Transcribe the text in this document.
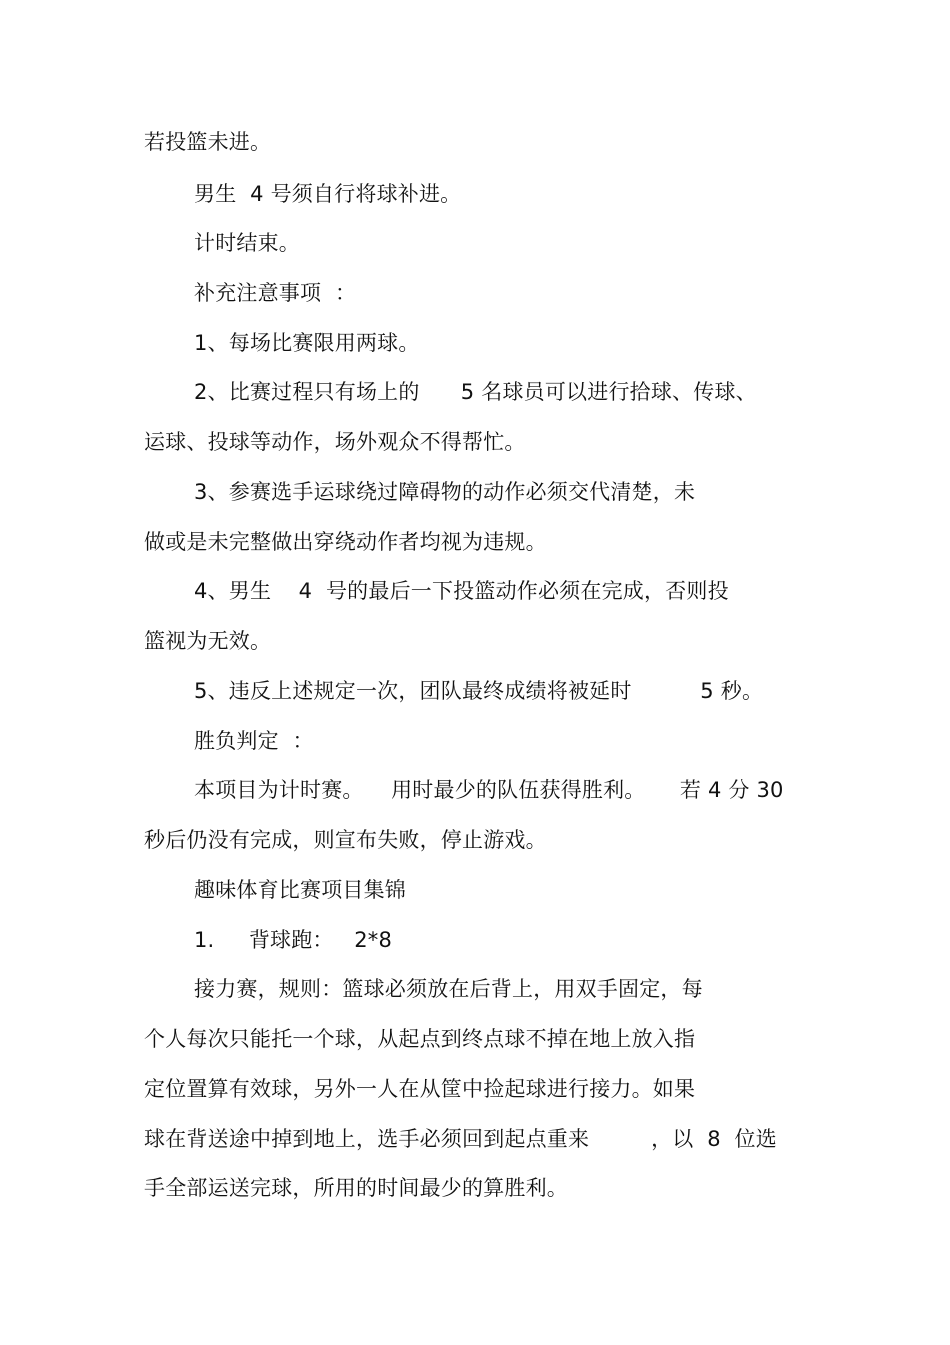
若投篮未进。
男生  4 号须自行将球补进。
计时结束。
补充注意事项  ：
1、每场比赛限用两球。
2、比赛过程只有场上的      5 名球员可以进行拾球、传球、
运球、投球等动作，场外观众不得帮忙。
3、参赛选手运球绕过障碍物的动作必须交代清楚，未
做或是未完整做出穿绕动作者均视为违规。
4、男生    4  号的最后一下投篮动作必须在完成，否则投
篮视为无效。
5、违反上述规定一次，团队最终成绩将被延时          5 秒。
胜负判定  ：
本项目为计时赛。    用时最少的队伍获得胜利。     若 4 分 30
秒后仍没有完成，则宣布失败，停止游戏。
趣味体育比赛项目集锦
1.     背球跑：   2*8
接力赛，规则：篮球必须放在后背上，用双手固定，每
个人每次只能托一个球，从起点到终点球不掉在地上放入指
定位置算有效球，另外一人在从筐中捡起球进行接力。如果
球在背送途中掉到地上，选手必须回到起点重来         ，以  8  位选
手全部运送完球，所用的时间最少的算胜利。
